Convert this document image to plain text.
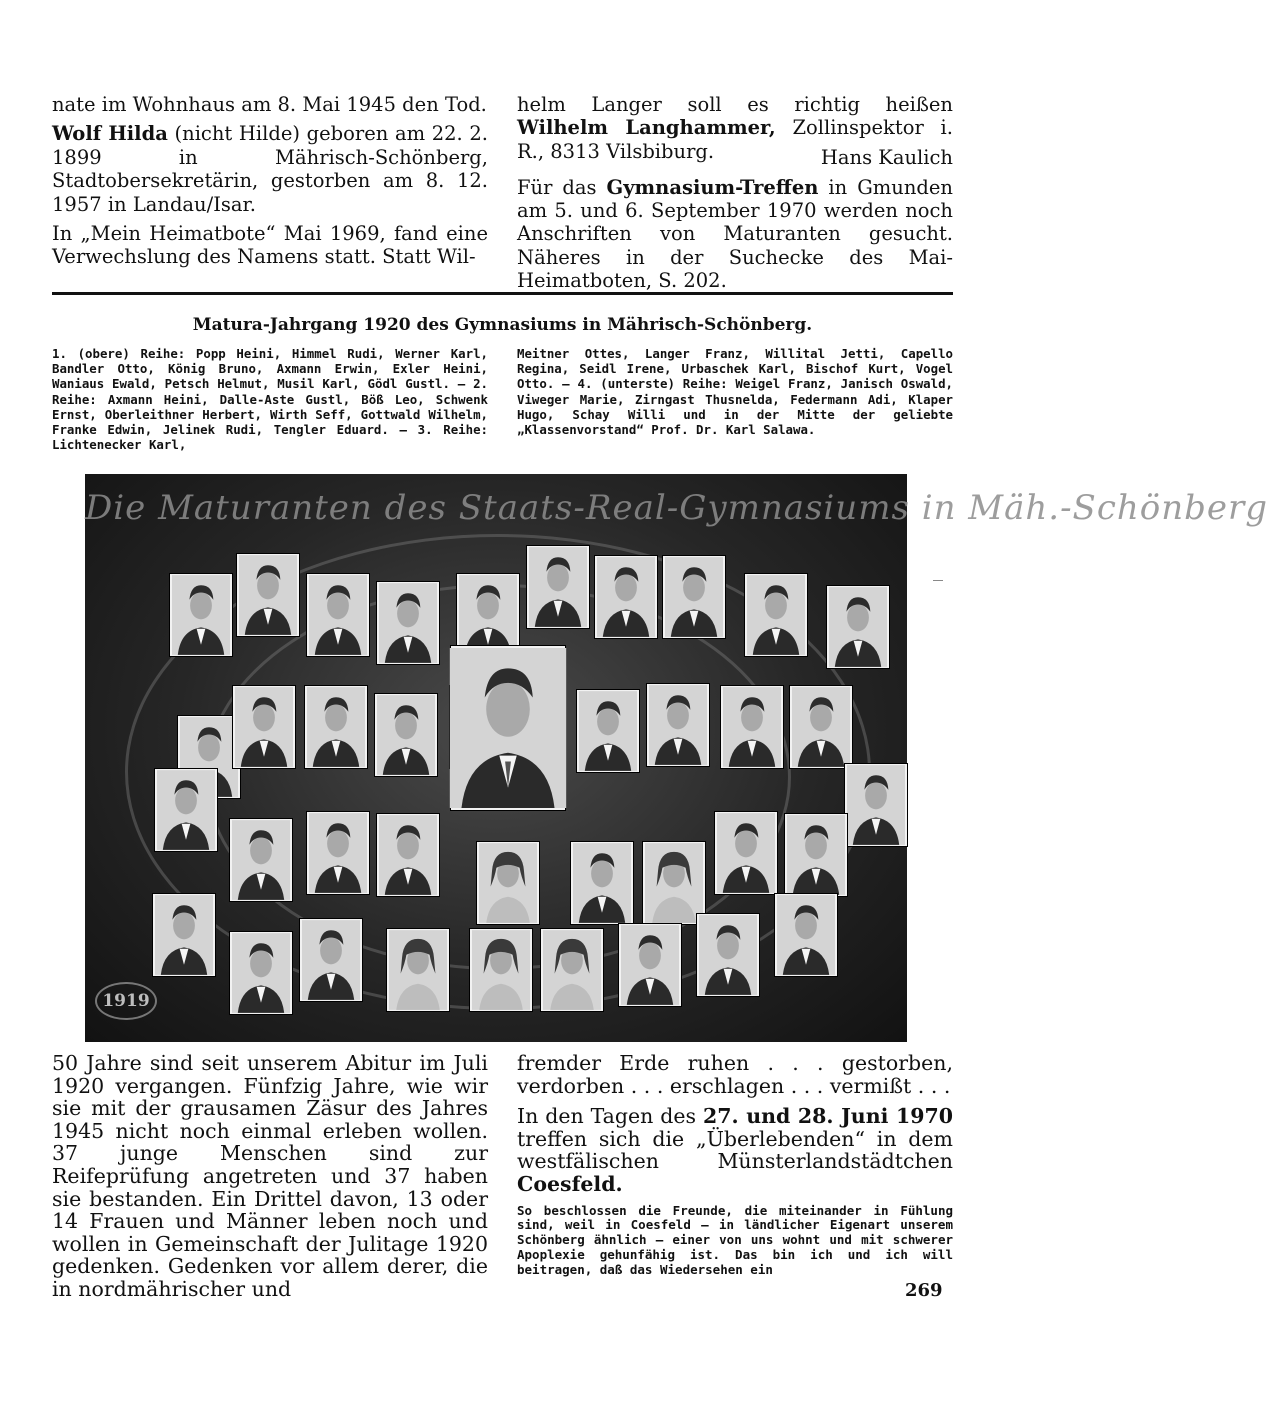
nate im Wohnhaus am 8. Mai 1945 den Tod.

Wolf Hilda (nicht Hilde) geboren am 22. 2. 1899 in Mährisch-Schönberg, Stadtobersekretärin, gestorben am 8. 12. 1957 in Landau/Isar.

In „Mein Heimatbote“ Mai 1969, fand eine Verwechslung des Namens statt. Statt Wil-

helm Langer soll es richtig heißen Wilhelm Langhammer, Zollinspektor i. R., 8313 Vilsbiburg.	Hans Kaulich

Für das Gymnasium-Treffen in Gmunden am 5. und 6. September 1970 werden noch Anschriften von Maturanten gesucht. Näheres in der Suchecke des Mai-Heimatboten, S. 202.

Matura-Jahrgang 1920 des Gymnasiums in Mährisch-Schönberg.
1. (obere) Reihe: Popp Heini, Himmel Rudi, Werner Karl, Bandler Otto, König Bruno, Axmann Erwin, Exler Heini, Waniaus Ewald, Petsch Helmut, Musil Karl, Gödl Gustl. — 2. Reihe: Axmann Heini, Dalle-Aste Gustl, Böß Leo, Schwenk Ernst, Oberleithner Herbert, Wirth Seff, Gottwald Wilhelm, Franke Edwin, Jelinek Rudi, Tengler Eduard. — 3. Reihe: Lichtenecker Karl,
Meitner Ottes, Langer Franz, Willital Jetti, Capello Regina, Seidl Irene, Urbaschek Karl, Bischof Kurt, Vogel Otto. — 4. (unterste) Reihe: Weigel Franz, Janisch Oswald, Viweger Marie, Zirngast Thusnelda, Federmann Adi, Klaper Hugo, Schay Willi und in der Mitte der geliebte „Klassenvorstand“ Prof. Dr. Karl Salawa.
Die Maturanten des Staats-Real-Gymnasiums in Mäh.-Schönberg
1919

50 Jahre sind seit unserem Abitur im Juli 1920 vergangen. Fünfzig Jahre, wie wir sie mit der grausamen Zäsur des Jahres 1945 nicht noch einmal erleben wollen. 37 junge Menschen sind zur Reifeprüfung angetreten und 37 haben sie bestanden. Ein Drittel davon, 13 oder 14 Frauen und Männer leben noch und wollen in Gemeinschaft der Julitage 1920 gedenken. Gedenken vor allem derer, die in nordmährischer und

fremder Erde ruhen . . . gestorben, verdorben . . . erschlagen . . . vermißt . . .

In den Tagen des 27. und 28. Juni 1970 treffen sich die „Überlebenden“ in dem westfälischen Münsterlandstädtchen Coesfeld.

So beschlossen die Freunde, die miteinander in Fühlung sind, weil in Coesfeld — in ländlicher Eigenart unserem Schönberg ähnlich — einer von uns wohnt und mit schwerer Apoplexie gehunfähig ist. Das bin ich und ich will beitragen, daß das Wiedersehen ein

269
